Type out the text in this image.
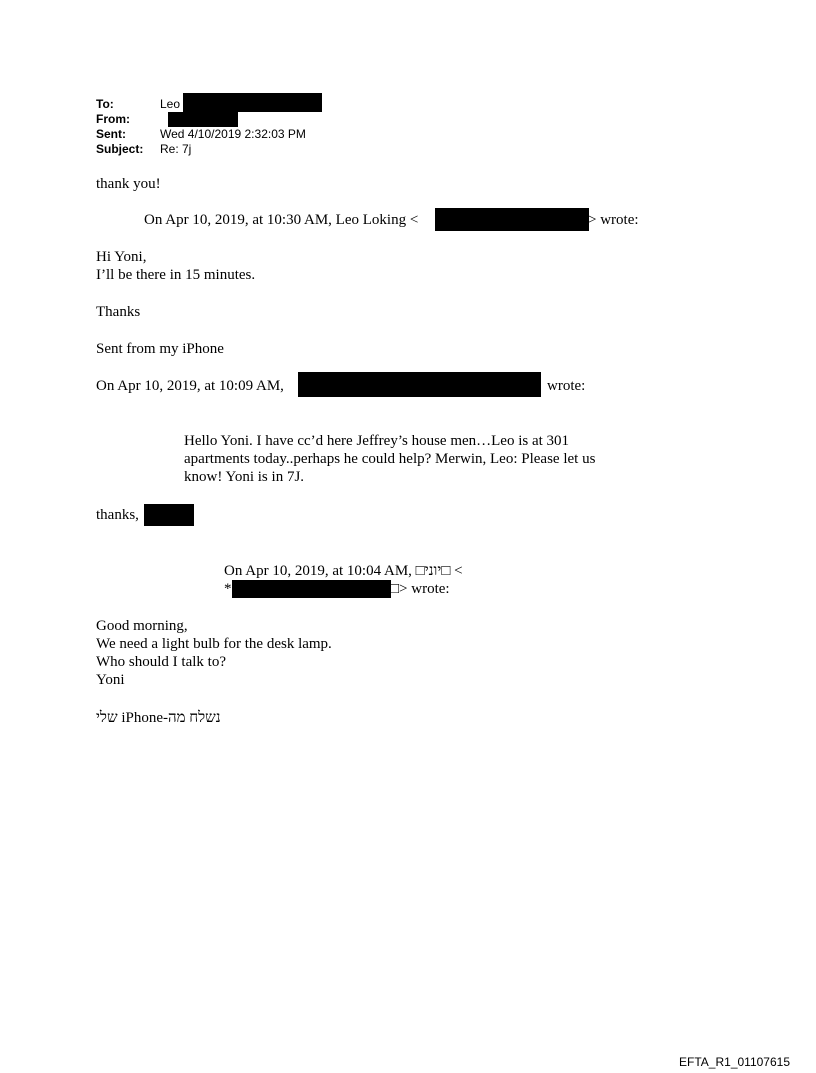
To:	Leo
From:
Sent:	Wed 4/10/2019 2:32:03 PM
Subject: Re: 7j
thank you!
On Apr 10, 2019, at 10:30 AM, Leo Loking <	> wrote:
Hi Yoni,
I’ll be there in 15 minutes.
Thanks
Sent from my iPhone
On Apr 10, 2019, at 10:09 AM,	wrote:
Hello Yoni. I have cc’d here Jeffrey’s house men…Leo is at 301
apartments today..perhaps he could help? Merwin, Leo: Please let us
know! Yoni is in 7J.
thanks,
On Apr 10, 2019, at 10:04 AM, □יוני□ <
*	□> wrote:
Good morning,
We need a light bulb for the desk lamp.
Who should I talk to?
Yoni
נשלח מה-iPhone שלי
EFTA_R1_01107615
